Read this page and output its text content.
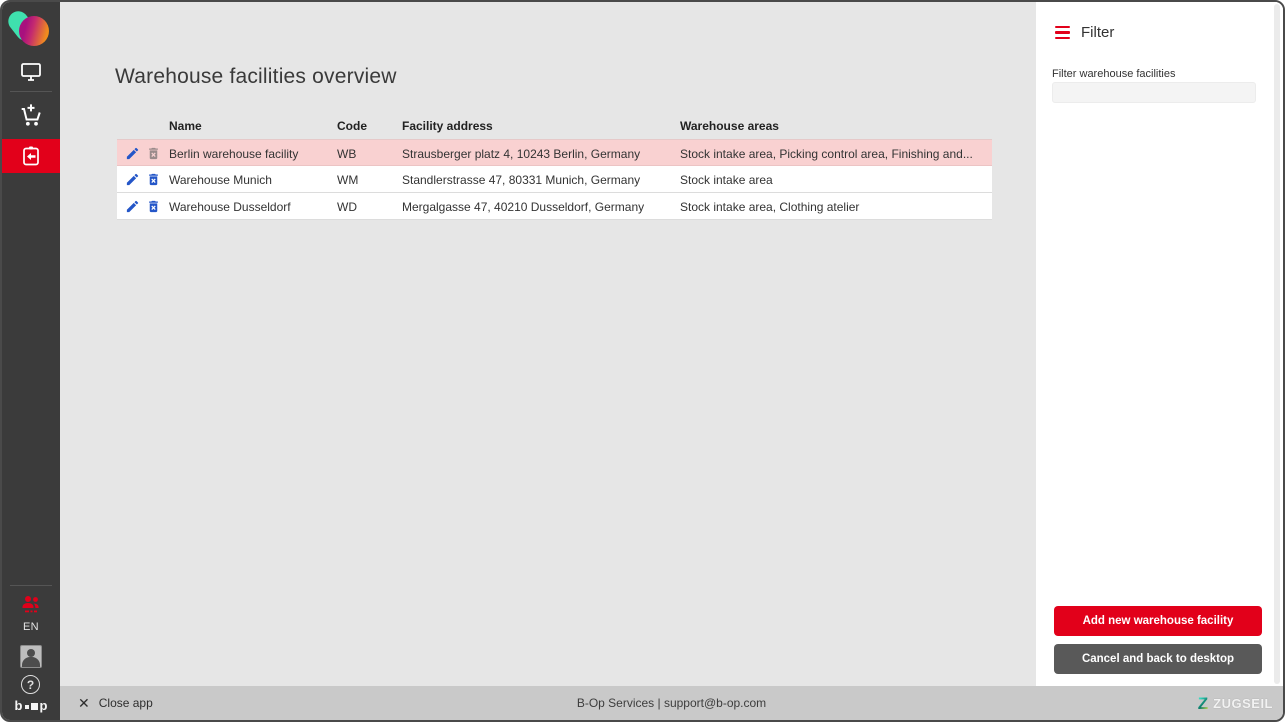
EN
?
b p
Warehouse facilities overview
Name	Code	Facility address	Warehouse areas
Berlin warehouse facility	WB	Strausberger platz 4, 10243 Berlin, Germany	Stock intake area, Picking control area, Finishing and...
Warehouse Munich	WM	Standlerstrasse 47, 80331 Munich, Germany	Stock intake area
Warehouse Dusseldorf	WD	Mergalgasse 47, 40210 Dusseldorf, Germany	Stock intake area, Clothing atelier
Filter
Filter warehouse facilities
Add new warehouse facility
Cancel and back to desktop
B-Op Services | support@b-op.com
✕ Close app	Z ZUGSEIL
